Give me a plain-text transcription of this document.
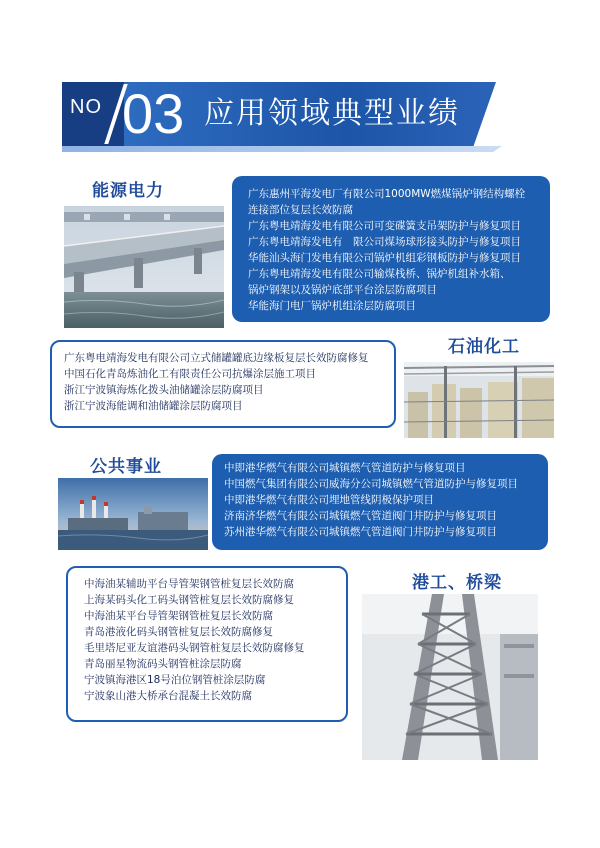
NO 03 应用领域典型业绩
能源电力	广东惠州平海发电厂有限公司1000MW燃煤锅炉钢结构螺栓
连接部位复层长效防腐
广东粤电靖海发电有限公司可变碟簧支吊架防护与修复项目
广东粤电靖海发电有　限公司煤场球形接头防护与修复项目
华能汕头海门发电有限公司锅炉机组彩钢板防护与修复项目
广东粤电靖海发电有限公司输煤栈桥、锅炉机组补水箱、
锅炉钢架以及锅炉底部平台涂层防腐项目
华能海门电厂锅炉机组涂层防腐项目
石油化工
广东粤电靖海发电有限公司立式储罐罐底边缘板复层长效防腐修复
中国石化青岛炼油化工有限责任公司抗爆涂层施工项目
浙江宁波镇海炼化拨头油储罐涂层防腐项目
浙江宁波海能调和油储罐涂层防腐项目
公共事业	中即港华燃气有限公司城镇燃气管道防护与修复项目
中国燃气集团有限公司威海分公司城镇燃气管道防护与修复项目
中即港华燃气有限公司埋地管线阴极保护项目
济南济华燃气有限公司城镇燃气管道阀门井防护与修复项目
苏州港华燃气有限公司城镇燃气管道阀门井防护与修复项目
港工、桥梁
中海油某辅助平台导管架钢管桩复层长效防腐
上海某码头化工码头钢管桩复层长效防腐修复
中海油某平台导管架钢管桩复层长效防腐
青岛港液化码头钢管桩复层长效防腐修复
毛里塔尼亚友谊港码头钢管桩复层长效防腐修复
青岛丽星物流码头钢管桩涂层防腐
宁波镇海港区18号泊位钢管桩涂层防腐
宁波象山港大桥承台混凝土长效防腐
